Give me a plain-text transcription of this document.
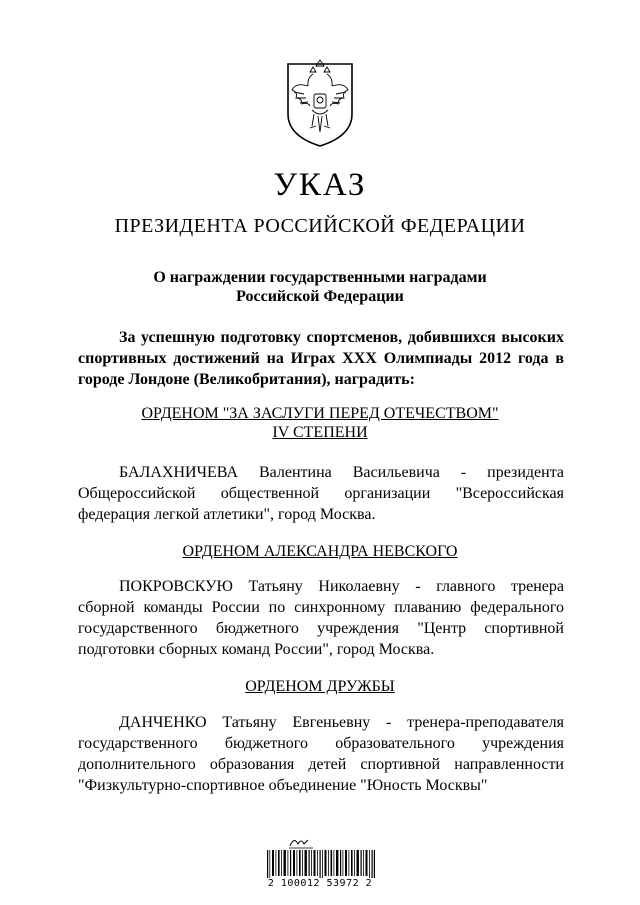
УКАЗ
ПРЕЗИДЕНТА РОССИЙСКОЙ ФЕДЕРАЦИИ
О награждении государственными наградами
Российской Федерации

За успешную подготовку спортсменов, добившихся высоких спортивных достижений на Играх XXX Олимпиады 2012 года в городе Лондоне (Великобритания), наградить:

ОРДЕНОМ "ЗА ЗАСЛУГИ ПЕРЕД ОТЕЧЕСТВОМ"
IV СТЕПЕНИ

БАЛАХНИЧЕВА Валентина Васильевича - президента Общероссийской общественной организации "Всероссийская федерация легкой атлетики", город Москва.

ОРДЕНОМ АЛЕКСАНДРА НЕВСКОГО

ПОКРОВСКУЮ Татьяну Николаевну - главного тренера сборной команды России по синхронному плаванию федерального государственного бюджетного учреждения "Центр спортивной подготовки сборных команд России", город Москва.

ОРДЕНОМ ДРУЖБЫ

ДАНЧЕНКО Татьяну Евгеньевну - тренера-преподавателя государственного бюджетного образовательного учреждения дополнительного образования детей спортивной направленности "Физкультурно-спортивное объединение "Юность Москвы"

2 100012 53972 2
